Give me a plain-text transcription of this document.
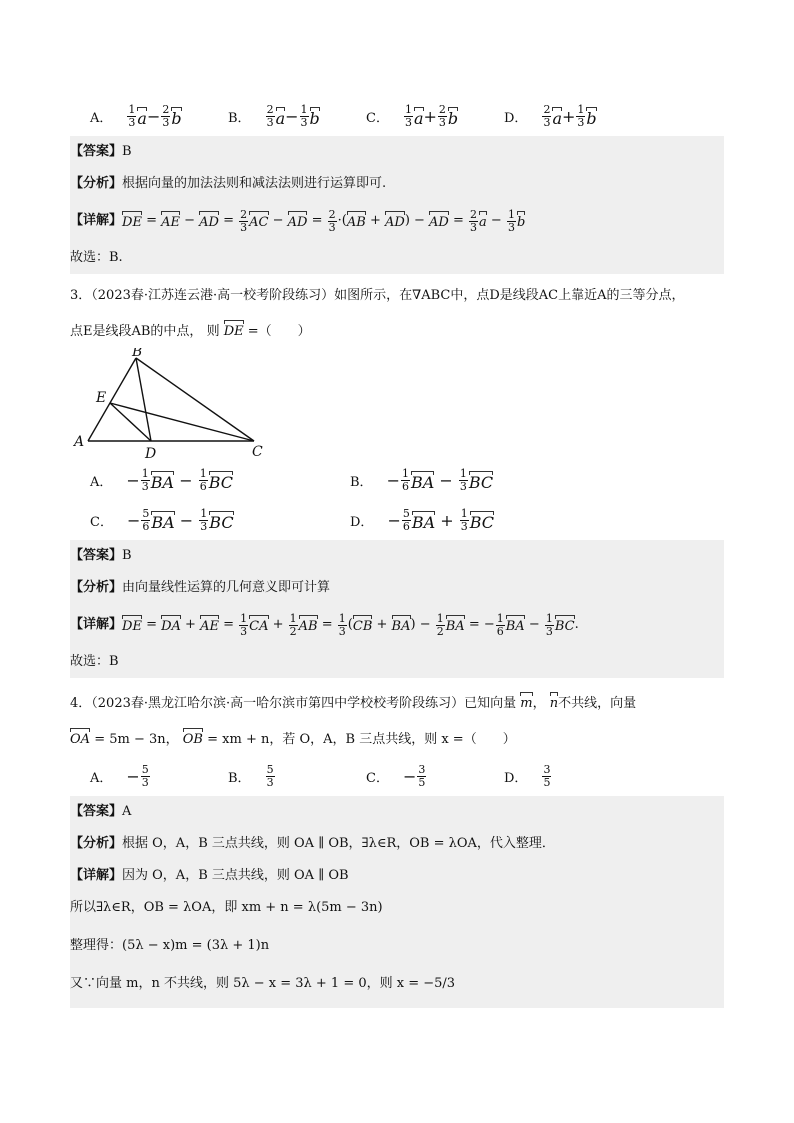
A． $\frac{1}{3}$ $a - \frac{2}{3}$ b	B． $\frac{2}{3}$ $a - \frac{1}{3}$ b	C． $\frac{1}{3}$ $a + \frac{2}{3}$ b	D． $\frac{2}{3}$ $a + \frac{1}{3}$ b
【答案】B
【分析】根据向量的加法法则和减法法则进行运算即可.
【详解】 DE = AE − AD = $\frac{2}{3}$ AC − AD = $\frac{2}{3}$ ·( AB + AD ) − AD = $\frac{2}{3}$ $a - \frac{1}{3}$ b
故选：B.
3．（2023春·江苏连云港·高一校考阶段练习）如图所示，在∇ABC中，点D是线段AC上靠近A的三等分点，
点E是线段AB的中点， 则 DE =（　　）
B
E
A
D	C
A． − $\frac{1}{3}$ BA
−
$\frac{1}{6}$ BC	B． − $\frac{1}{6}$ BA
−
$\frac{1}{3}$ BC
C． − $\frac{5}{6}$ BA
−
$\frac{1}{3}$ BC	D． − $\frac{5}{6}$ BA
+
$\frac{1}{3}$ BC
【答案】B
【分析】由向量线性运算的几何意义即可计算
【详解】 DE = DA + AE = $\frac{1}{3}$ CA + $\frac{1}{2}$ AB = $\frac{1}{3}$ ( CB + BA ) − $\frac{1}{2}$ BA = − $\frac{1}{6}$ BA − $\frac{1}{3}$ BC .
故选：B
4．（2023春·黑龙江哈尔滨·高一哈尔滨市第四中学校校考阶段练习）已知向量 m， n不共线，向量
OA = 5m − 3n， OB = xm + n，若 O，A，B 三点共线，则 x =（　　）
A． − $\frac{5}{3}$	B． $\frac{5}{3}$	C． − $\frac{3}{5}$	D． $\frac{3}{5}$
【答案】A
【分析】根据 O，A，B 三点共线，则 OA ∥ OB，∃λ∈R，OB = λOA，代入整理．
【详解】因为 O，A，B 三点共线，则 OA ∥ OB
所以∃λ∈R，OB = λOA，即 xm + n = λ(5m − 3n)
整理得：(5λ − x)m = (3λ + 1)n
又∵向量 m，n 不共线，则 5λ − x = 3λ + 1 = 0，则 x = −5/3
